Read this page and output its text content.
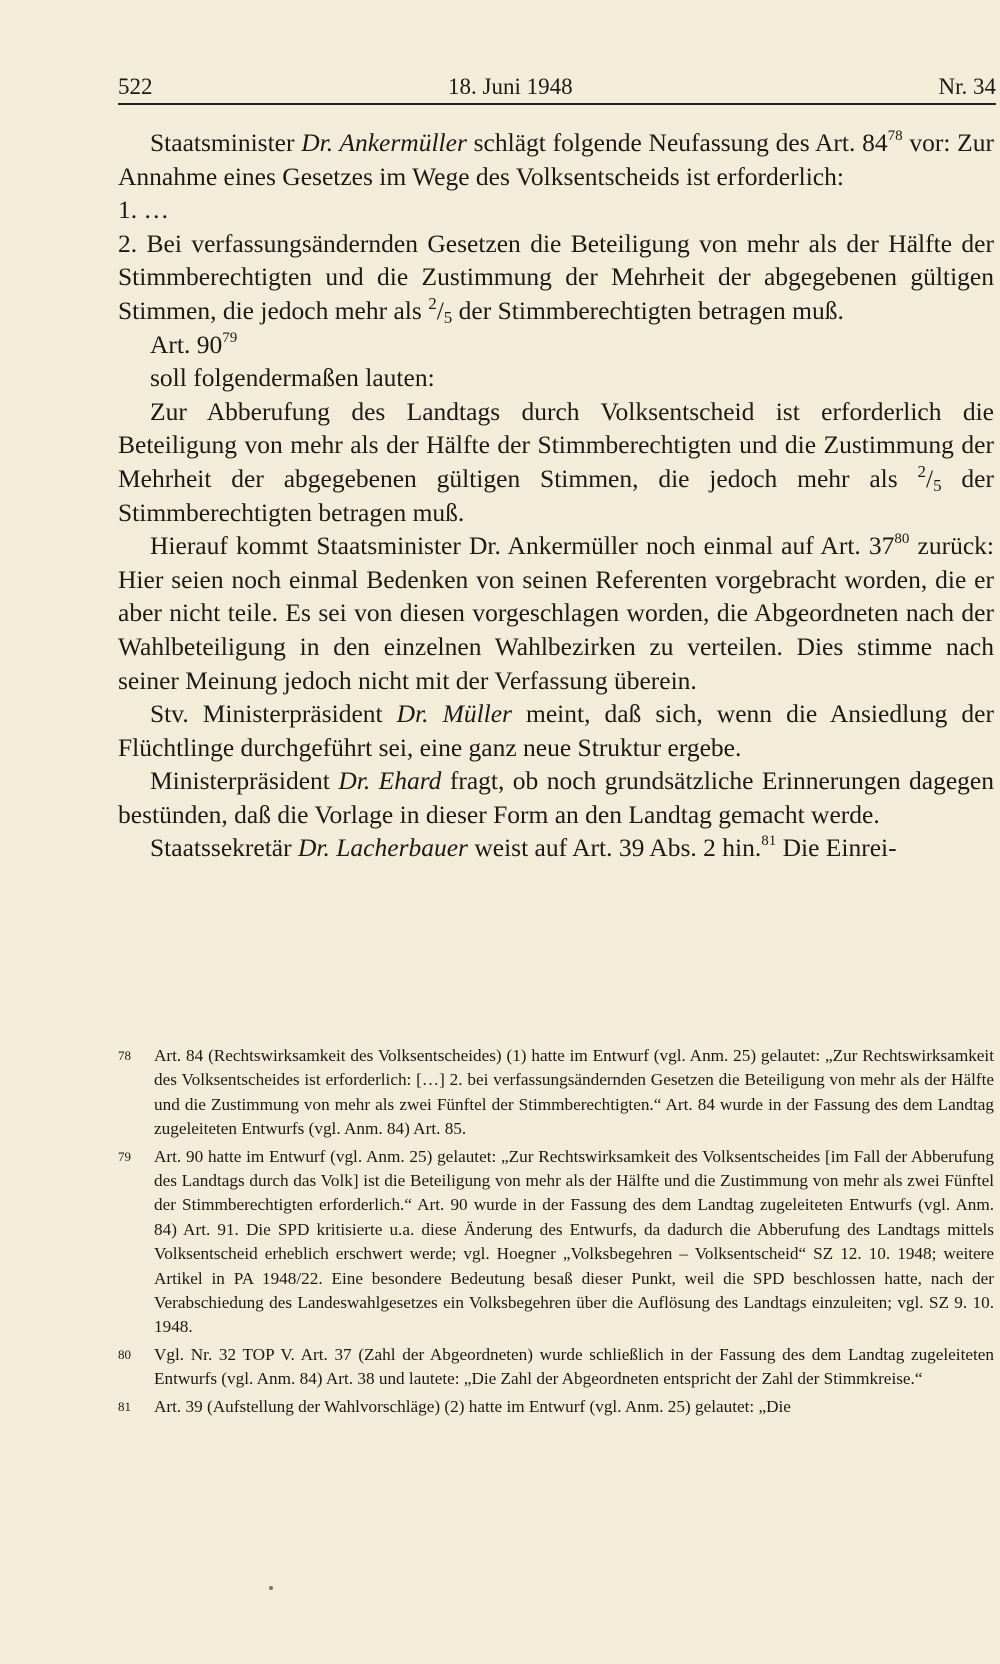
522	18. Juni 1948	Nr. 34

Staatsminister Dr. Ankermüller schlägt folgende Neufassung des Art. $84^{78}$ vor: Zur Annahme eines Gesetzes im Wege des Volksentscheids ist erforderlich:

1. …

2. Bei verfassungsändernden Gesetzen die Beteiligung von mehr als der Hälfte der Stimmberechtigten und die Zustimmung der Mehrheit der abgegebenen gültigen Stimmen, die jedoch mehr als $^2/_5$ der Stimmberechtigten betragen muß.

Art. $90^{79}$

soll folgendermaßen lauten:

Zur Abberufung des Landtags durch Volksentscheid ist erforderlich die Beteiligung von mehr als der Hälfte der Stimmberechtigten und die Zustimmung der Mehrheit der abgegebenen gültigen Stimmen, die jedoch mehr als $^2/_5$ der Stimmberechtigten betragen muß.

Hierauf kommt Staatsminister Dr. Ankermüller noch einmal auf Art. $37^{80}$ zurück: Hier seien noch einmal Bedenken von seinen Referenten vorgebracht worden, die er aber nicht teile. Es sei von diesen vorgeschlagen worden, die Abgeordneten nach der Wahlbeteiligung in den einzelnen Wahlbezirken zu verteilen. Dies stimme nach seiner Meinung jedoch nicht mit der Verfassung überein.

Stv. Ministerpräsident Dr. Müller meint, daß sich, wenn die Ansiedlung der Flüchtlinge durchgeführt sei, eine ganz neue Struktur ergebe.

Ministerpräsident Dr. Ehard fragt, ob noch grundsätzliche Erinnerungen dagegen bestünden, daß die Vorlage in dieser Form an den Landtag gemacht werde.

Staatssekretär Dr. Lacherbauer weist auf Art. 39 Abs. 2 hin.$^{81}$ Die Einrei-

78 Art. 84 (Rechtswirksamkeit des Volksentscheides) (1) hatte im Entwurf (vgl. Anm. 25) gelautet: „Zur Rechtswirksamkeit des Volksentscheides ist erforderlich: […] 2. bei verfassungsändernden Gesetzen die Beteiligung von mehr als der Hälfte und die Zustimmung von mehr als zwei Fünftel der Stimmberechtigten.“ Art. 84 wurde in der Fassung des dem Landtag zugeleiteten Entwurfs (vgl. Anm. 84) Art. 85.

79 Art. 90 hatte im Entwurf (vgl. Anm. 25) gelautet: „Zur Rechtswirksamkeit des Volksentscheides [im Fall der Abberufung des Landtags durch das Volk] ist die Beteiligung von mehr als der Hälfte und die Zustimmung von mehr als zwei Fünftel der Stimmberechtigten erforderlich.“ Art. 90 wurde in der Fassung des dem Landtag zugeleiteten Entwurfs (vgl. Anm. 84) Art. 91. Die SPD kritisierte u.a. diese Änderung des Entwurfs, da dadurch die Abberufung des Landtags mittels Volksentscheid erheblich erschwert werde; vgl. Hoegner „Volksbegehren – Volksentscheid“ SZ 12. 10. 1948; weitere Artikel in PA 1948/22. Eine besondere Bedeutung besaß dieser Punkt, weil die SPD beschlossen hatte, nach der Verabschiedung des Landeswahlgesetzes ein Volksbegehren über die Auflösung des Landtags einzuleiten; vgl. SZ 9. 10. 1948.

80 Vgl. Nr. 32 TOP V. Art. 37 (Zahl der Abgeordneten) wurde schließlich in der Fassung des dem Landtag zugeleiteten Entwurfs (vgl. Anm. 84) Art. 38 und lautete: „Die Zahl der Abgeordneten entspricht der Zahl der Stimmkreise.“

81 Art. 39 (Aufstellung der Wahlvorschläge) (2) hatte im Entwurf (vgl. Anm. 25) gelautet: „Die
